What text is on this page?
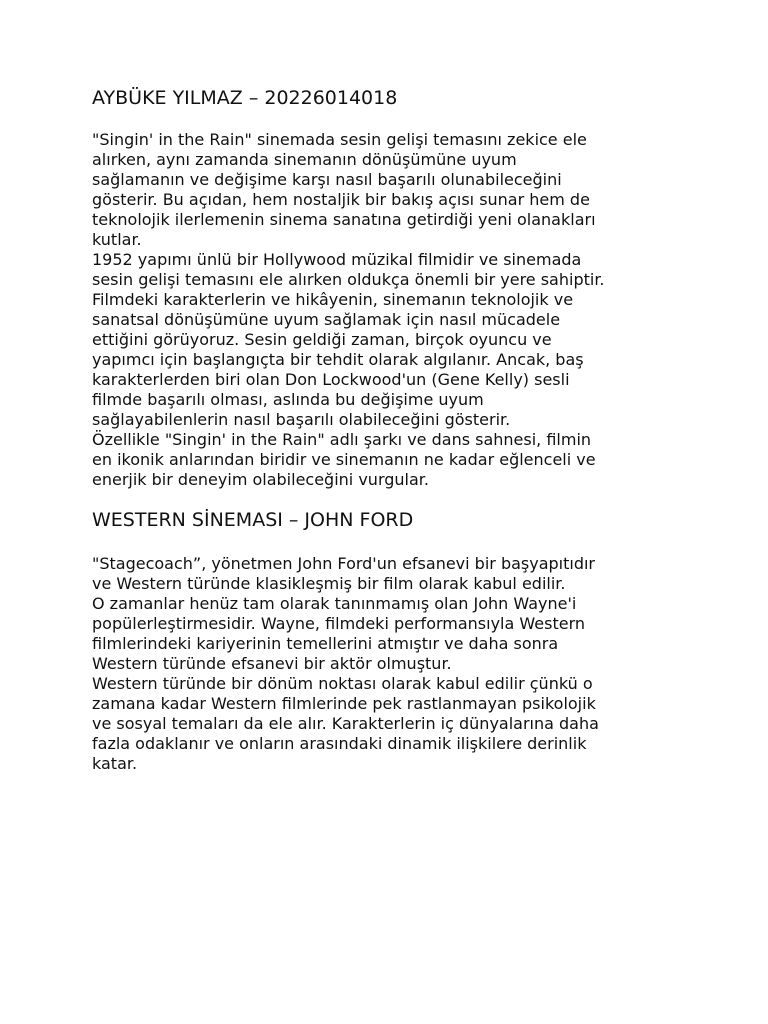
AYBÜKE YILMAZ – 20226014018

"Singin' in the Rain" sinemada sesin gelişi temasını zekice ele
alırken, aynı zamanda sinemanın dönüşümüne uyum
sağlamanın ve değişime karşı nasıl başarılı olunabileceğini
gösterir. Bu açıdan, hem nostaljik bir bakış açısı sunar hem de
teknolojik ilerlemenin sinema sanatına getirdiği yeni olanakları
kutlar.
1952 yapımı ünlü bir Hollywood müzikal filmidir ve sinemada
sesin gelişi temasını ele alırken oldukça önemli bir yere sahiptir.
Filmdeki karakterlerin ve hikâyenin, sinemanın teknolojik ve
sanatsal dönüşümüne uyum sağlamak için nasıl mücadele
ettiğini görüyoruz. Sesin geldiği zaman, birçok oyuncu ve
yapımcı için başlangıçta bir tehdit olarak algılanır. Ancak, baş
karakterlerden biri olan Don Lockwood'un (Gene Kelly) sesli
filmde başarılı olması, aslında bu değişime uyum
sağlayabilenlerin nasıl başarılı olabileceğini gösterir.
Özellikle "Singin' in the Rain" adlı şarkı ve dans sahnesi, filmin
en ikonik anlarından biridir ve sinemanın ne kadar eğlenceli ve
enerjik bir deneyim olabileceğini vurgular.

WESTERN SİNEMASI – JOHN FORD

"Stagecoach”, yönetmen John Ford'un efsanevi bir başyapıtıdır
ve Western türünde klasikleşmiş bir film olarak kabul edilir.
O zamanlar henüz tam olarak tanınmamış olan John Wayne'i
popülerleştirmesidir. Wayne, filmdeki performansıyla Western
filmlerindeki kariyerinin temellerini atmıştır ve daha sonra
Western türünde efsanevi bir aktör olmuştur.
Western türünde bir dönüm noktası olarak kabul edilir çünkü o
zamana kadar Western filmlerinde pek rastlanmayan psikolojik
ve sosyal temaları da ele alır. Karakterlerin iç dünyalarına daha
fazla odaklanır ve onların arasındaki dinamik ilişkilere derinlik
katar.
